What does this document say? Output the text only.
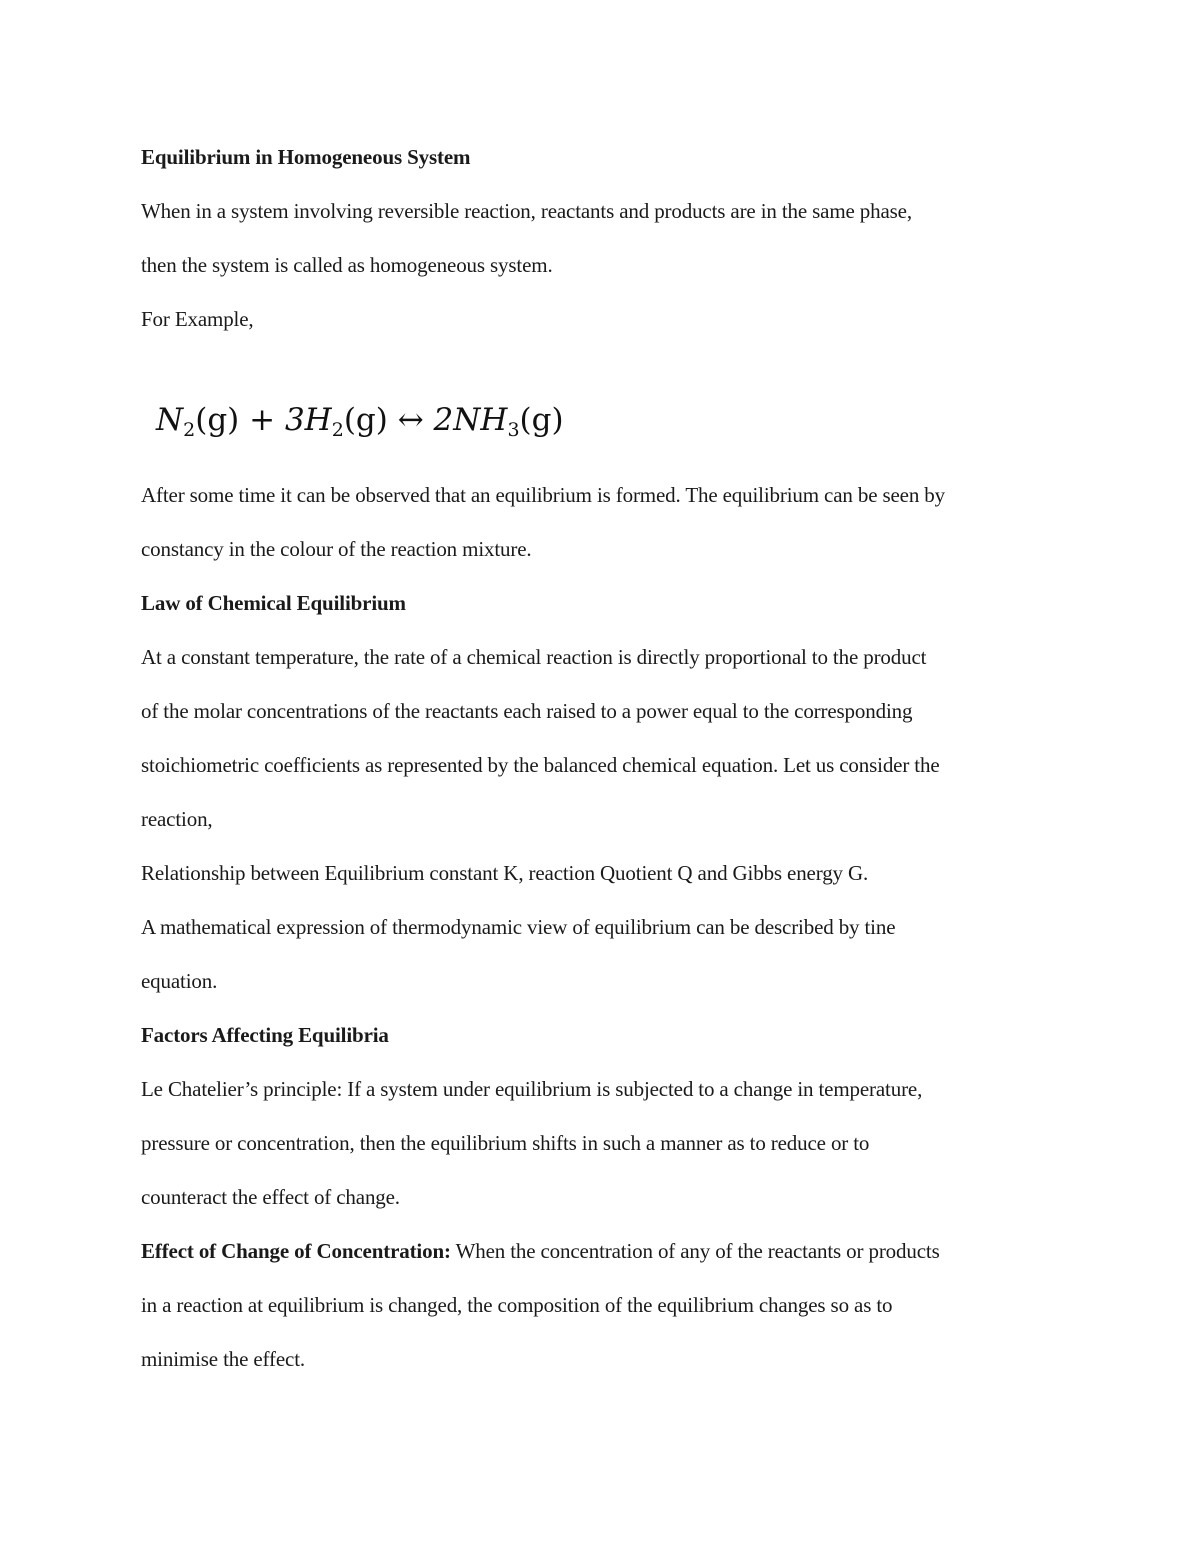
Equilibrium in Homogeneous System
When in a system involving reversible reaction, reactants and products are in the same phase,
then the system is called as homogeneous system.
For Example,
$N_2(g) + 3H_2(g)$ ↔ $2NH_3(g)$
After some time it can be observed that an equilibrium is formed. The equilibrium can be seen by
constancy in the colour of the reaction mixture.
Law of Chemical Equilibrium
At a constant temperature, the rate of a chemical reaction is directly proportional to the product
of the molar concentrations of the reactants each raised to a power equal to the corresponding
stoichiometric coefficients as represented by the balanced chemical equation. Let us consider the
reaction,
Relationship between Equilibrium constant K, reaction Quotient Q and Gibbs energy G.
A mathematical expression of thermodynamic view of equilibrium can be described by tine
equation.
Factors Affecting Equilibria
Le Chatelier’s principle: If a system under equilibrium is subjected to a change in temperature,
pressure or concentration, then the equilibrium shifts in such a manner as to reduce or to
counteract the effect of change.
Effect of Change of Concentration: When the concentration of any of the reactants or products
in a reaction at equilibrium is changed, the composition of the equilibrium changes so as to
minimise the effect.
